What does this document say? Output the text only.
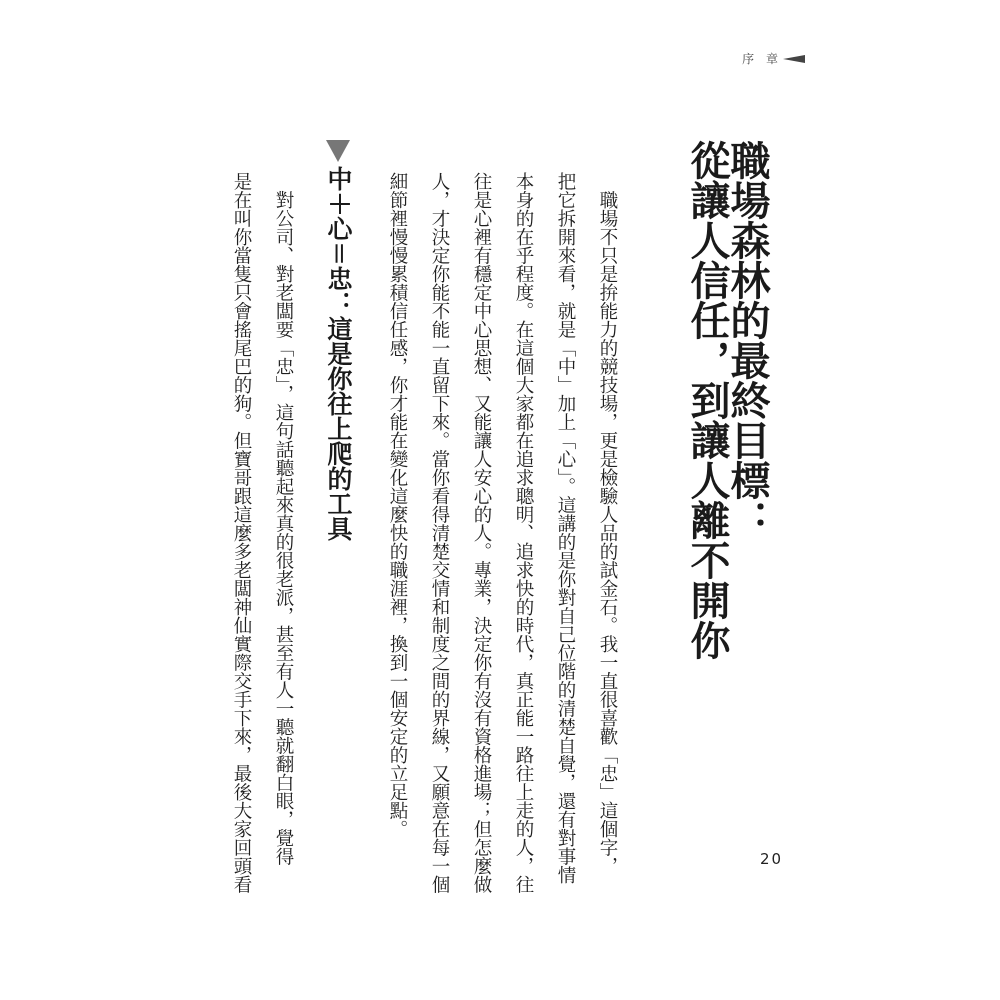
序 章
職場森林的最終目標：
從讓人信任，到讓人離不開你
　職場不只是拚能力的競技場，更是檢驗人品的試金石。我一直很喜歡「忠」這個字，
把它拆開來看，就是「中」加上「心」。這講的是你對自己位階的清楚自覺，還有對事情
本身的在乎程度。在這個大家都在追求聰明、追求快的時代，真正能一路往上走的人，往
往是心裡有穩定中心思想、又能讓人安心的人。專業，決定你有沒有資格進場；但怎麼做
人，才決定你能不能一直留下來。當你看得清楚交情和制度之間的界線，又願意在每一個
細節裡慢慢累積信任感，你才能在變化這麼快的職涯裡，換到一個安定的立足點。
中＋心＝忠：這是你往上爬的工具
　對公司、對老闆要「忠」，這句話聽起來真的很老派，甚至有人一聽就翻白眼，覺得
是在叫你當隻只會搖尾巴的狗。但寶哥跟這麼多老闆神仙實際交手下來，最後大家回頭看	20
